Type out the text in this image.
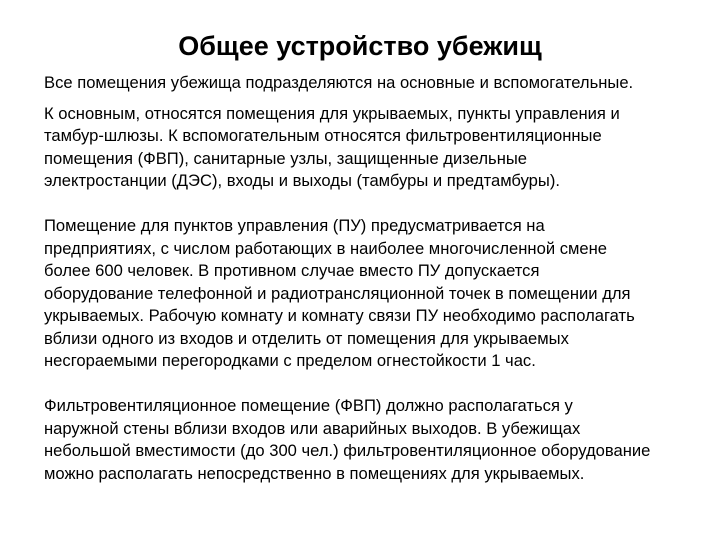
Общее устройство убежищ

Все помещения убежища подразделяются на основные и вспомогательные.

К основным, относятся помещения для укрываемых, пункты управления и

тамбур-шлюзы. К вспомогательным относятся фильтровентиляционные

помещения (ФВП), санитарные узлы, защищенные дизельные

электростанции (ДЭС), входы и выходы (тамбуры и предтамбуры).

Помещение для пунктов управления (ПУ) предусматривается на

предприятиях, с числом работающих в наиболее многочисленной смене

более 600 человек. В противном случае вместо ПУ допускается

оборудование телефонной и радиотрансляционной точек в помещении для

укрываемых. Рабочую комнату и комнату связи ПУ необходимо располагать

вблизи одного из входов и отделить от помещения для укрываемых

несгораемыми перегородками с пределом огнестойкости 1 час.

Фильтровентиляционное помещение (ФВП) должно располагаться у

наружной стены вблизи входов или аварийных выходов. В убежищах

небольшой вместимости (до 300 чел.) фильтровентиляционное оборудование

можно располагать непосредственно в помещениях для укрываемых.
